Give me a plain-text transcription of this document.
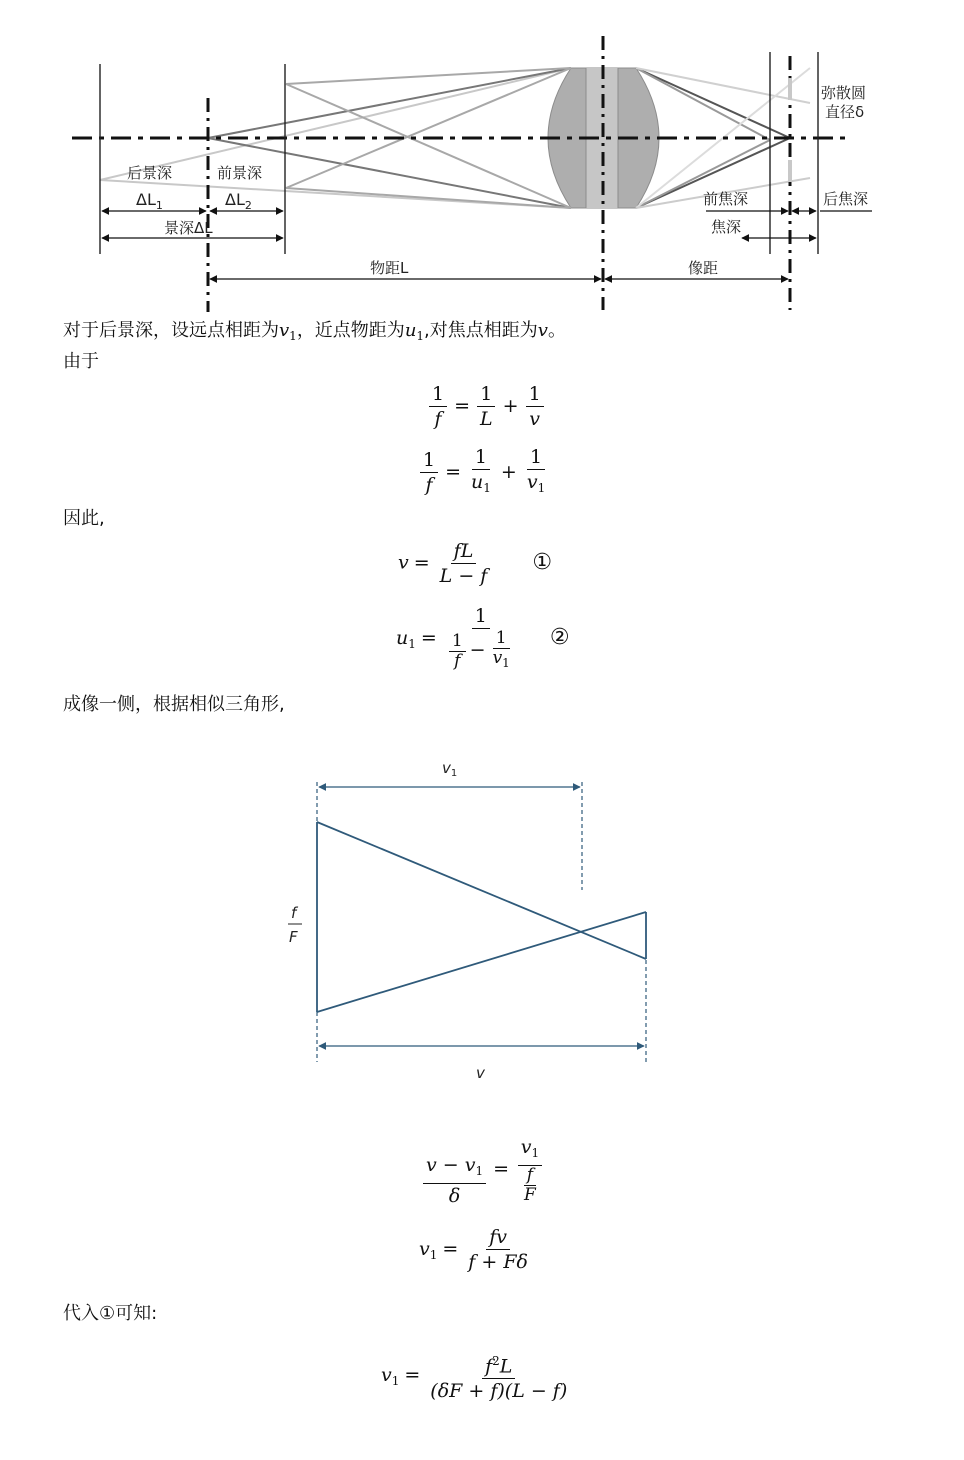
后景深	前景深
$\Delta L_1$	$\Delta L_2$
景深ΔL
物距L	像距
前焦深
焦深
后焦深
弥散圆
直径δ
对于后景深，设远点相距为$v_1$，近点物距为$u_1$,对焦点相距为v。
由于
$\frac{1}{f} = \frac{1}{L} + \frac{1}{v}$
$\frac{1}{f} = \frac{1}{u_1} + \frac{1}{v_1}$
因此,
$v = \frac{fL}{L - f}$ ①
$u_1 = \frac{1}{\frac{1}{f} - \frac{1}{v_1}}$ ②
成像一侧，根据相似三角形,
$v_1$
f
F
v
$\frac{v - v_1}{\delta} = \frac{v_1}{\frac{f}{F}}$
$v_1 = \frac{fv}{f + F\delta}$
代入①可知:
$v_1 = \frac{f^2L}{(\delta F + f)(L - f)}$
